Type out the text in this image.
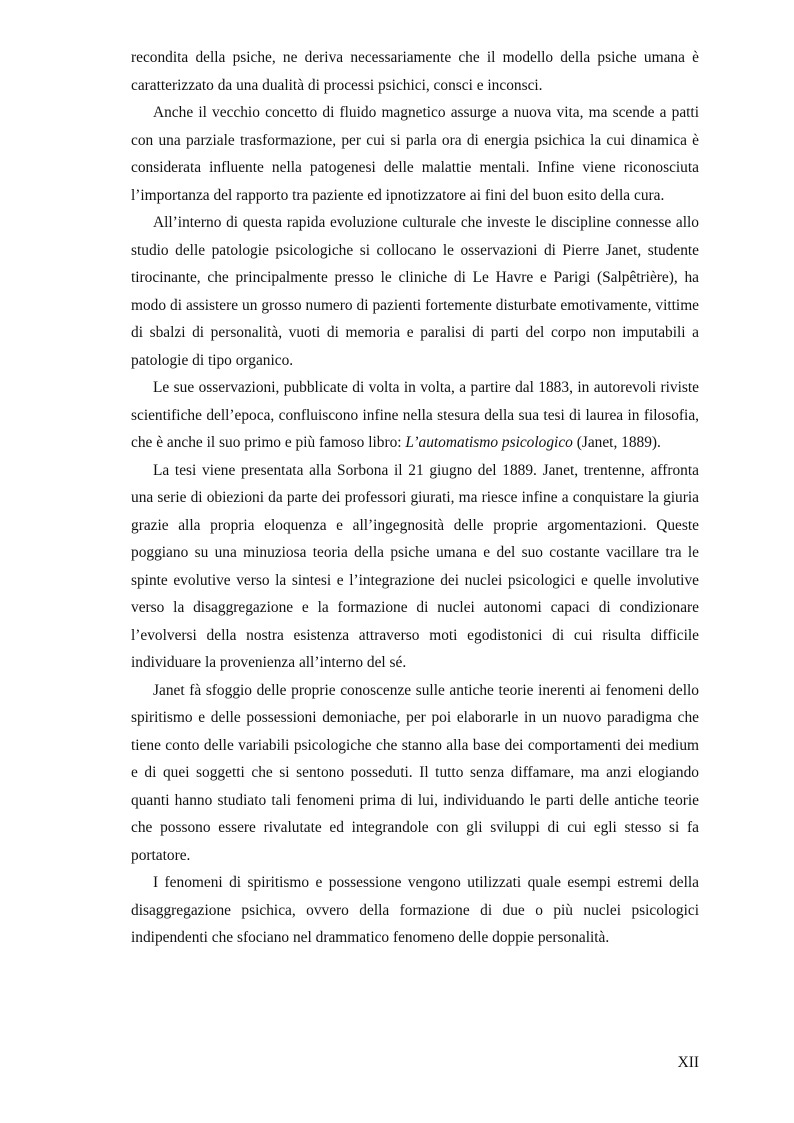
recondita della psiche, ne deriva necessariamente che il modello della psiche umana è caratterizzato da una dualità di processi psichici, consci e inconsci.

Anche il vecchio concetto di fluido magnetico assurge a nuova vita, ma scende a patti con una parziale trasformazione, per cui si parla ora di energia psichica la cui dinamica è considerata influente nella patogenesi delle malattie mentali. Infine viene riconosciuta l’importanza del rapporto tra paziente ed ipnotizzatore ai fini del buon esito della cura.

All’interno di questa rapida evoluzione culturale che investe le discipline connesse allo studio delle patologie psicologiche si collocano le osservazioni di Pierre Janet, studente tirocinante, che principalmente presso le cliniche di Le Havre e Parigi (Salpêtrière), ha modo di assistere un grosso numero di pazienti fortemente disturbate emotivamente, vittime di sbalzi di personalità, vuoti di memoria e paralisi di parti del corpo non imputabili a patologie di tipo organico.

Le sue osservazioni, pubblicate di volta in volta, a partire dal 1883, in autorevoli riviste scientifiche dell’epoca, confluiscono infine nella stesura della sua tesi di laurea in filosofia, che è anche il suo primo e più famoso libro: L’automatismo psicologico (Janet, 1889).

La tesi viene presentata alla Sorbona il 21 giugno del 1889. Janet, trentenne, affronta una serie di obiezioni da parte dei professori giurati, ma riesce infine a conquistare la giuria grazie alla propria eloquenza e all’ingegnosità delle proprie argomentazioni. Queste poggiano su una minuziosa teoria della psiche umana e del suo costante vacillare tra le spinte evolutive verso la sintesi e l’integrazione dei nuclei psicologici e quelle involutive verso la disaggregazione e la formazione di nuclei autonomi capaci di condizionare l’evolversi della nostra esistenza attraverso moti egodistonici di cui risulta difficile individuare la provenienza all’interno del sé.

Janet fà sfoggio delle proprie conoscenze sulle antiche teorie inerenti ai fenomeni dello spiritismo e delle possessioni demoniache, per poi elaborarle in un nuovo paradigma che tiene conto delle variabili psicologiche che stanno alla base dei comportamenti dei medium e di quei soggetti che si sentono posseduti. Il tutto senza diffamare, ma anzi elogiando quanti hanno studiato tali fenomeni prima di lui, individuando le parti delle antiche teorie che possono essere rivalutate ed integrandole con gli sviluppi di cui egli stesso si fa portatore.

I fenomeni di spiritismo e possessione vengono utilizzati quale esempi estremi della disaggregazione psichica, ovvero della formazione di due o più nuclei psicologici indipendenti che sfociano nel drammatico fenomeno delle doppie personalità.

XII
